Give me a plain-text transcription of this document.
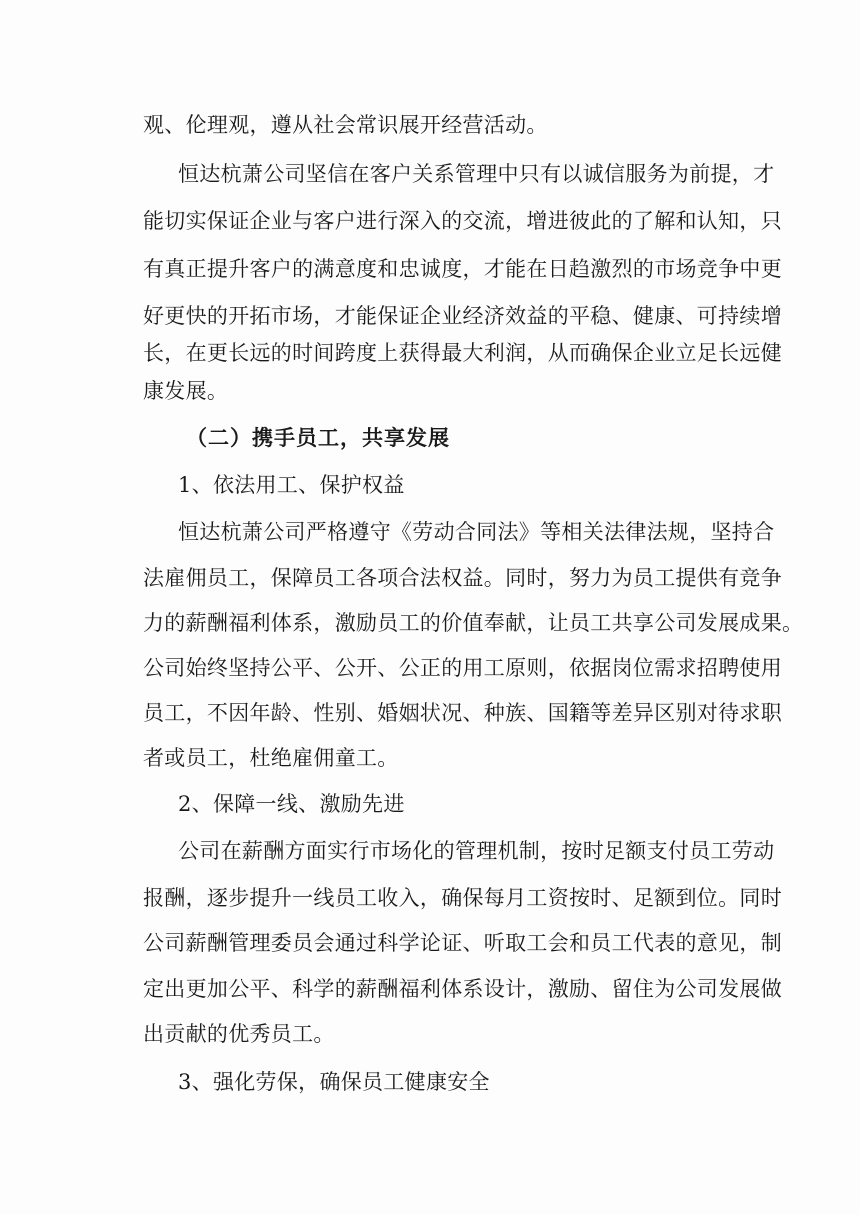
观、伦理观，遵从社会常识展开经营活动。
恒达杭萧公司坚信在客户关系管理中只有以诚信服务为前提，才
能切实保证企业与客户进行深入的交流，增进彼此的了解和认知，只
有真正提升客户的满意度和忠诚度，才能在日趋激烈的市场竞争中更
好更快的开拓市场，才能保证企业经济效益的平稳、健康、可持续增
长，在更长远的时间跨度上获得最大利润，从而确保企业立足长远健
康发展。
（二）携手员工，共享发展
1、依法用工、保护权益
恒达杭萧公司严格遵守《劳动合同法》等相关法律法规，坚持合
法雇佣员工，保障员工各项合法权益。同时，努力为员工提供有竞争
力的薪酬福利体系，激励员工的价值奉献，让员工共享公司发展成果。
公司始终坚持公平、公开、公正的用工原则，依据岗位需求招聘使用
员工，不因年龄、性别、婚姻状况、种族、国籍等差异区别对待求职
者或员工，杜绝雇佣童工。
2、保障一线、激励先进
公司在薪酬方面实行市场化的管理机制，按时足额支付员工劳动
报酬，逐步提升一线员工收入，确保每月工资按时、足额到位。同时
公司薪酬管理委员会通过科学论证、听取工会和员工代表的意见，制
定出更加公平、科学的薪酬福利体系设计，激励、留住为公司发展做
出贡献的优秀员工。
3、强化劳保，确保员工健康安全
